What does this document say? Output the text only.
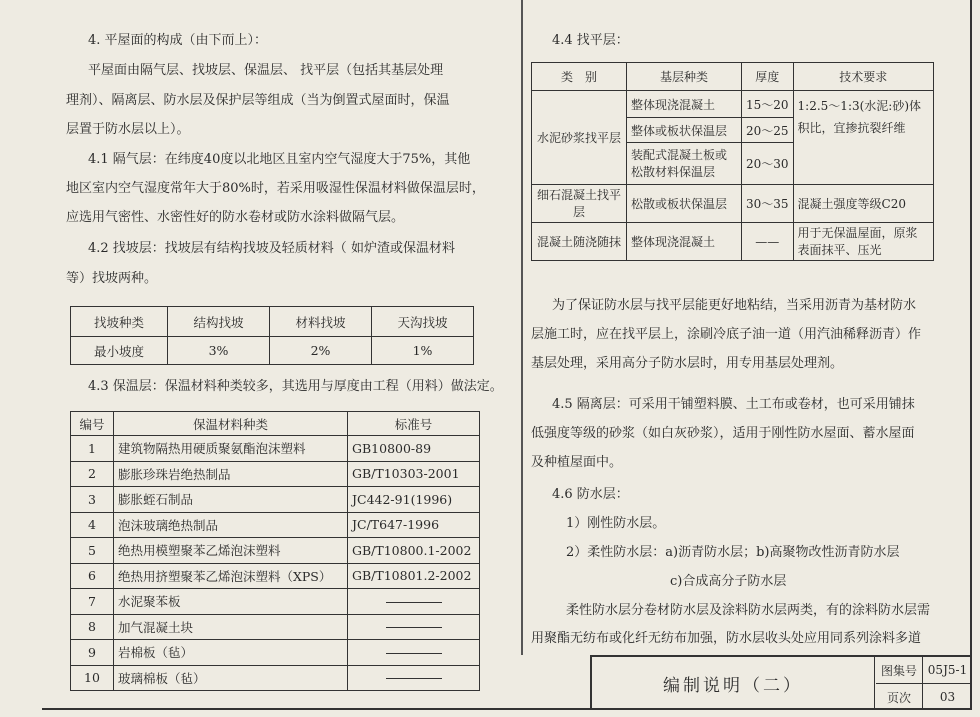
4. 平屋面的构成（由下而上）：
平屋面由隔气层、找坡层、保温层、 找平层（包括其基层处理
理剂）、隔离层、防水层及保护层等组成（当为倒置式屋面时，保温
层置于防水层以上）。
4.1 隔气层：在纬度40度以北地区且室内空气湿度大于75%，其他
地区室内空气湿度常年大于80%时，若采用吸湿性保温材料做保温层时，
应选用气密性、水密性好的防水卷材或防水涂料做隔气层。
4.2 找坡层：找坡层有结构找坡及轻质材料（ 如炉渣或保温材料
等）找坡两种。
找坡种类	结构找坡	材料找坡	天沟找坡
最小坡度	3%	2%	1%
4.3 保温层：保温材料种类较多，其选用与厚度由工程（用料）做法定。
编号	保温材料种类	标准号
1	建筑物隔热用硬质聚氨酯泡沫塑料	GB10800-89
2	膨胀珍珠岩绝热制品	GB/T10303-2001
3	膨胀蛭石制品	JC442-91(1996)
4	泡沫玻璃绝热制品	JC/T647-1996
5	绝热用模塑聚苯乙烯泡沫塑料	GB/T10800.1-2002
6	绝热用挤塑聚苯乙烯泡沫塑料（XPS）	GB/T10801.2-2002
7	水泥聚苯板	
8	加气混凝土块	
9	岩棉板（毡）	
10	玻璃棉板（毡）	
4.4 找平层：
类　别	基层种类	厚度	技术要求
水泥砂浆找平层	整体现浇混凝土	15～20	1:2.5～1:3(水泥:砂)体积比，宜掺抗裂纤维
	整体或板状保温层	20～25	
	装配式混凝土板或松散材料保温层	20～30	
细石混凝土找平层	松散或板状保温层	30～35	混凝土强度等级C20
混凝土随浇随抹	整体现浇混凝土	——	用于无保温屋面，原浆表面抹平、压光
为了保证防水层与找平层能更好地粘结，当采用沥青为基材防水
层施工时，应在找平层上，涂刷冷底子油一道（用汽油稀释沥青）作
基层处理，采用高分子防水层时，用专用基层处理剂。
4.5 隔离层：可采用干铺塑料膜、土工布或卷材，也可采用铺抹
低强度等级的砂浆（如白灰砂浆），适用于刚性防水屋面、蓄水屋面
及种植屋面中。
4.6 防水层：
1）刚性防水层。
2）柔性防水层：a)沥青防水层；b)高聚物改性沥青防水层
c)合成高分子防水层
柔性防水层分卷材防水层及涂料防水层两类，有的涂料防水层需
用聚酯无纺布或化纤无纺布加强，防水层收头处应用同系列涂料多道
编制说明（二）
图集号 05J5-1
页次	03
